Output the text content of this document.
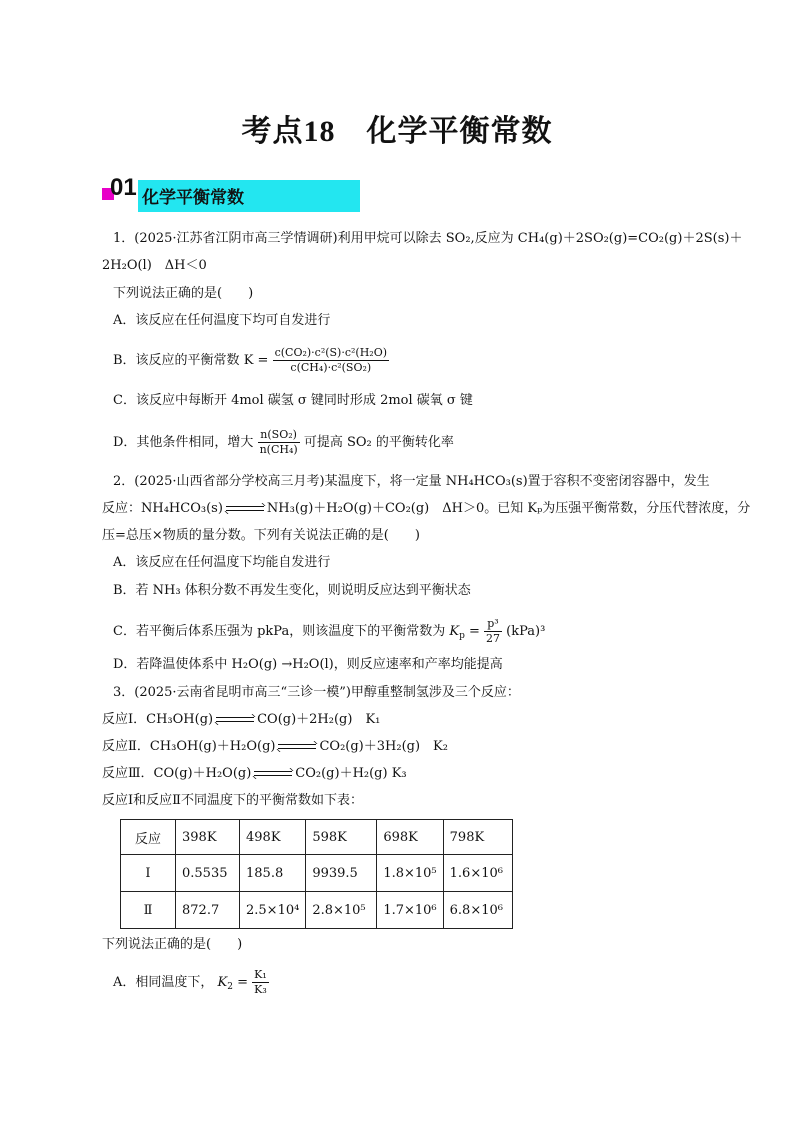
考点18　 化学平衡常数
01 化学平衡常数
1．(2025·江苏省江阴市高三学情调研)利用甲烷可以除去 SO₂,反应为 CH₄(g)＋2SO₂(g)=CO₂(g)＋2S(s)＋
2H₂O(l)　ΔH＜0
下列说法正确的是(　　)
A．该反应在任何温度下均可自发进行
B．该反应的平衡常数 $K = \frac{\text{c(CO₂)·c²(S)·c²(H₂O)}}{\text{c(CH₄)·c²(SO₂)}}$
C．该反应中每断开 4mol 碳氢 σ 键同时形成 2mol 碳氧 σ 键
D．其他条件相同，增大 $\frac{\text{n(SO₂)}}{\text{n(CH₄)}}$ 可提高 SO₂ 的平衡转化率
2．(2025·山西省部分学校高三月考)某温度下，将一定量 NH₄HCO₃(s)置于容积不变密闭容器中，发生
反应：NH₄HCO₃(s)	NH₃(g)＋H₂O(g)＋CO₂(g)　ΔH＞0。已知 Kₚ为压强平衡常数，分压代替浓度，分
压=总压×物质的量分数。下列有关说法正确的是(　　)
A．该反应在任何温度下均能自发进行
B．若 NH₃ 体积分数不再发生变化，则说明反应达到平衡状态
C．若平衡后体系压强为 pkPa，则该温度下的平衡常数为 $K_p = \frac{\text{p³}}{27} (kPa)^3$
D．若降温使体系中 H₂O(g) →H₂O(l)，则反应速率和产率均能提高
3．(2025·云南省昆明市高三“三诊一模”)甲醇重整制氢涉及三个反应：
反应Ⅰ．CH₃OH(g)	CO(g)＋2H₂(g)　K₁
反应Ⅱ．CH₃OH(g)＋H₂O(g)	CO₂(g)＋3H₂(g)　K₂
反应Ⅲ．CO(g)＋H₂O(g)	CO₂(g)＋H₂(g) K₃
反应Ⅰ和反应Ⅱ不同温度下的平衡常数如下表：
反应	398K	498K	598K	698K	798K
Ⅰ	0.5535	185.8	9939.5	1.8×10⁵	1.6×10⁶
Ⅱ	872.7	2.5×10⁴	2.8×10⁵	1.7×10⁶	6.8×10⁶
下列说法正确的是(　　)
A．相同温度下， $K_2 = \frac{\text{K₁}}{\text{K₃}}$
